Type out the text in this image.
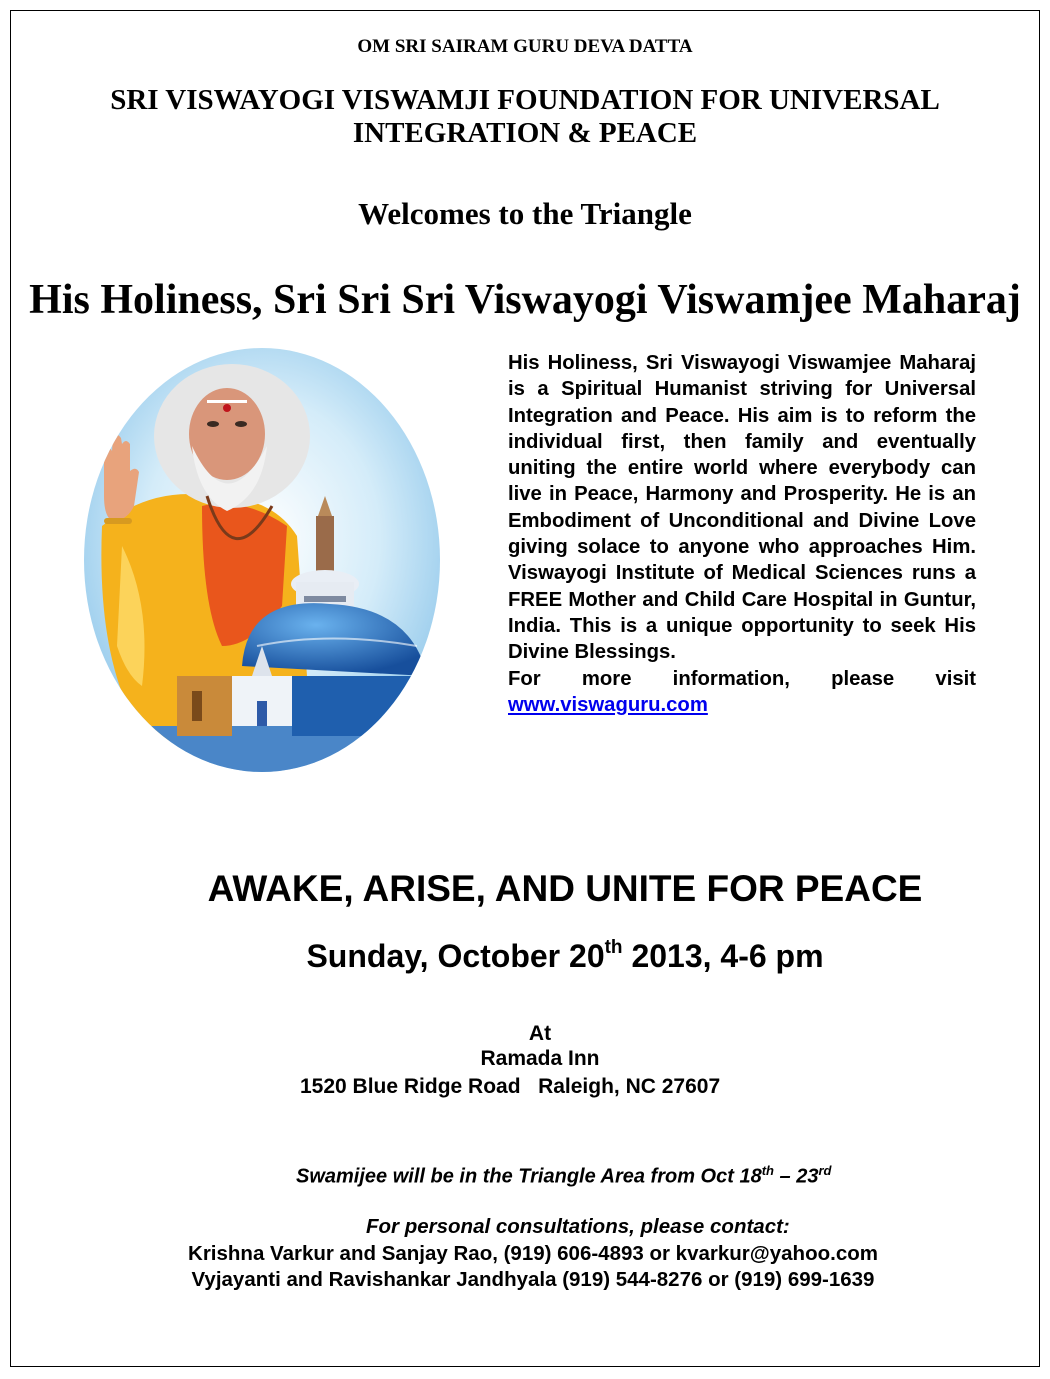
OM SRI SAIRAM GURU DEVA DATTA
SRI VISWAYOGI VISWAMJI FOUNDATION FOR UNIVERSAL
INTEGRATION & PEACE
Welcomes to the Triangle
His Holiness, Sri Sri Sri Viswayogi Viswamjee Maharaj
His Holiness, Sri Viswayogi Viswamjee Maharaj is a Spiritual Humanist striving for Universal Integration and Peace. His aim is to reform the individual first, then family and eventually uniting the entire world where everybody can live in Peace, Harmony and Prosperity. He is an Embodiment of Unconditional and Divine Love giving solace to anyone who approaches Him. Viswayogi Institute of Medical Sciences runs a FREE Mother and Child Care Hospital in Guntur, India. This is a unique opportunity to seek His Divine Blessings.
For more information, please visit
www.viswaguru.com
AWAKE, ARISE, AND UNITE FOR PEACE
Sunday, October 20th 2013, 4-6 pm
At
Ramada Inn
1520 Blue Ridge Road   Raleigh, NC 27607
Swamijee will be in the Triangle Area from Oct 18th – 23rd
For personal consultations, please contact:
Krishna Varkur and Sanjay Rao, (919) 606-4893 or kvarkur@yahoo.com
Vyjayanti and Ravishankar Jandhyala (919) 544-8276 or (919) 699-1639
